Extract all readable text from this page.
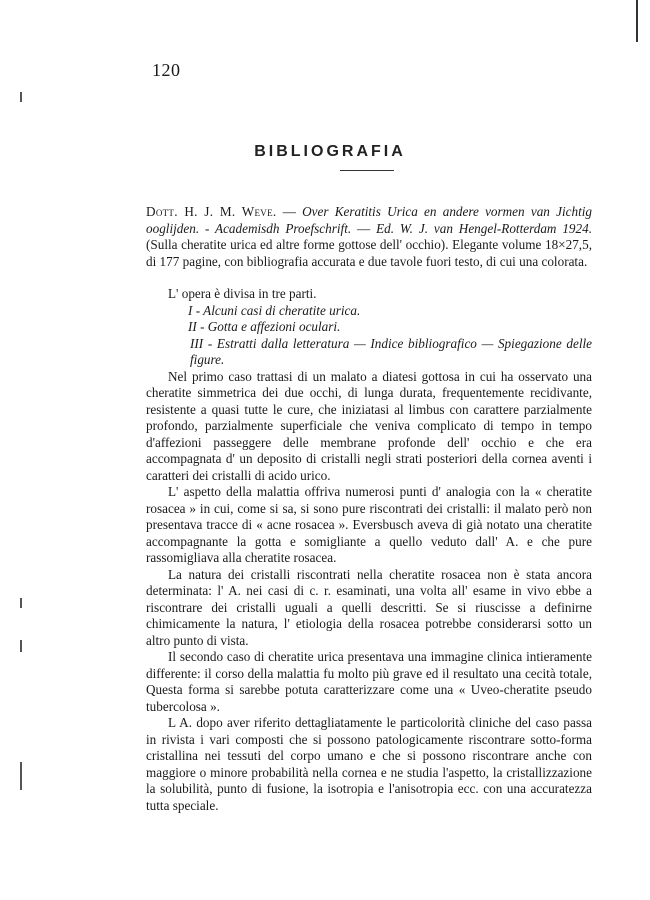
120
BIBLIOGRAFIA

Dott. H. J. M. Weve. — Over Keratitis Urica en andere vormen van Jichtig ooglijden. - Academisdh Proefschrift. — Ed. W. J. van Hengel-Rotterdam 1924. (Sulla cheratite urica ed altre forme gottose dell' occhio). Elegante volume 18×27,5, di 177 pagine, con bibliografia accurata e due tavole fuori testo, di cui una colorata.

L' opera è divisa in tre parti.

I - Alcuni casi di cheratite urica.

II - Gotta e affezioni oculari.

III - Estratti dalla letteratura — Indice bibliografico — Spiegazione delle figure.

Nel primo caso trattasi di un malato a diatesi gottosa in cui ha osservato una cheratite simmetrica dei due occhi, di lunga durata, frequentemente recidivante, resistente a quasi tutte le cure, che iniziatasi al limbus con carattere parzialmente profondo, parzialmente superficiale che veniva complicato di tempo in tempo d'affezioni passeggere delle membrane profonde dell' occhio e che era accompagnata d' un deposito di cristalli negli strati posteriori della cornea aventi i caratteri dei cristalli di acido urico.

L' aspetto della malattia offriva numerosi punti d' analogia con la « cheratite rosacea » in cui, come si sa, si sono pure riscontrati dei cristalli: il malato però non presentava tracce di « acne rosacea ». Eversbusch aveva di già notato una cheratite accompagnante la gotta e somigliante a quello veduto dall' A. e che pure rassomigliava alla cheratite rosacea.

La natura dei cristalli riscontrati nella cheratite rosacea non è stata ancora determinata: l' A. nei casi di c. r. esaminati, una volta all' esame in vivo ebbe a riscontrare dei cristalli uguali a quelli descritti. Se si riuscisse a definirne chimicamente la natura, l' etiologia della rosacea potrebbe considerarsi sotto un altro punto di vista.

Il secondo caso di cheratite urica presentava una immagine clinica intieramente differente: il corso della malattia fu molto più grave ed il resultato una cecità totale, Questa forma si sarebbe potuta caratterizzare come una « Uveo-cheratite pseudo tubercolosa ».

L A. dopo aver riferito dettagliatamente le particolorità cliniche del caso passa in rivista i vari composti che si possono patologicamente riscontrare sotto-forma cristallina nei tessuti del corpo umano e che si possono riscontrare anche con maggiore o minore probabilità nella cornea e ne studia l'aspetto, la cristallizzazione la solubilità, punto di fusione, la isotropia e l'anisotropia ecc. con una accuratezza tutta speciale.
